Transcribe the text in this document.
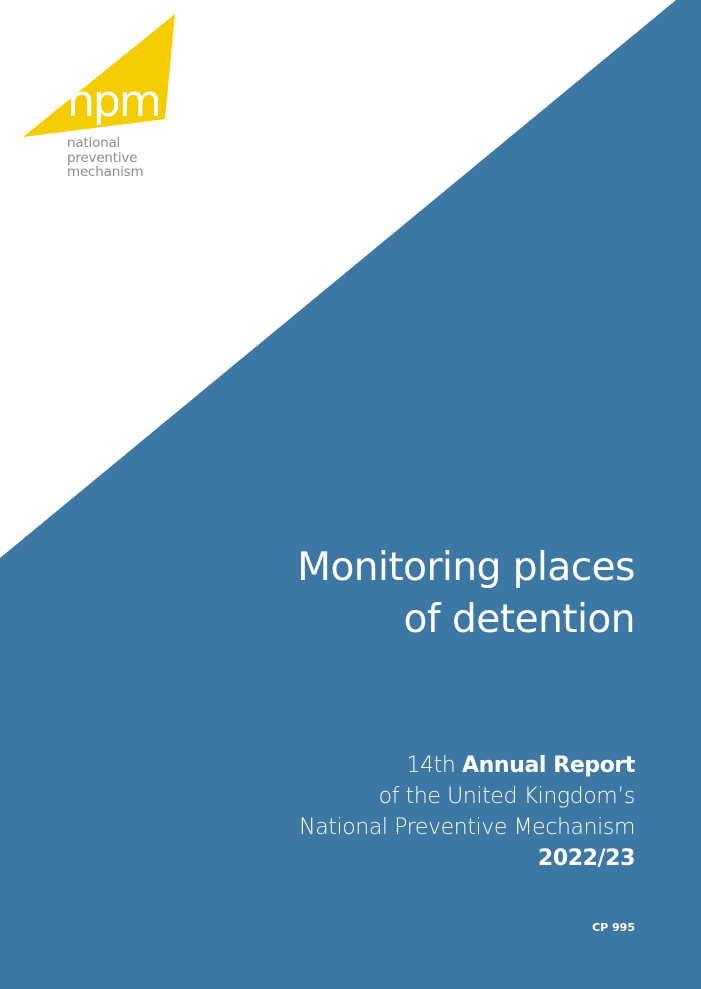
npm
national
preventive
mechanism
Monitoring places
of detention
14th Annual Report
of the United Kingdom’s
National Preventive Mechanism
2022/23
CP 995
